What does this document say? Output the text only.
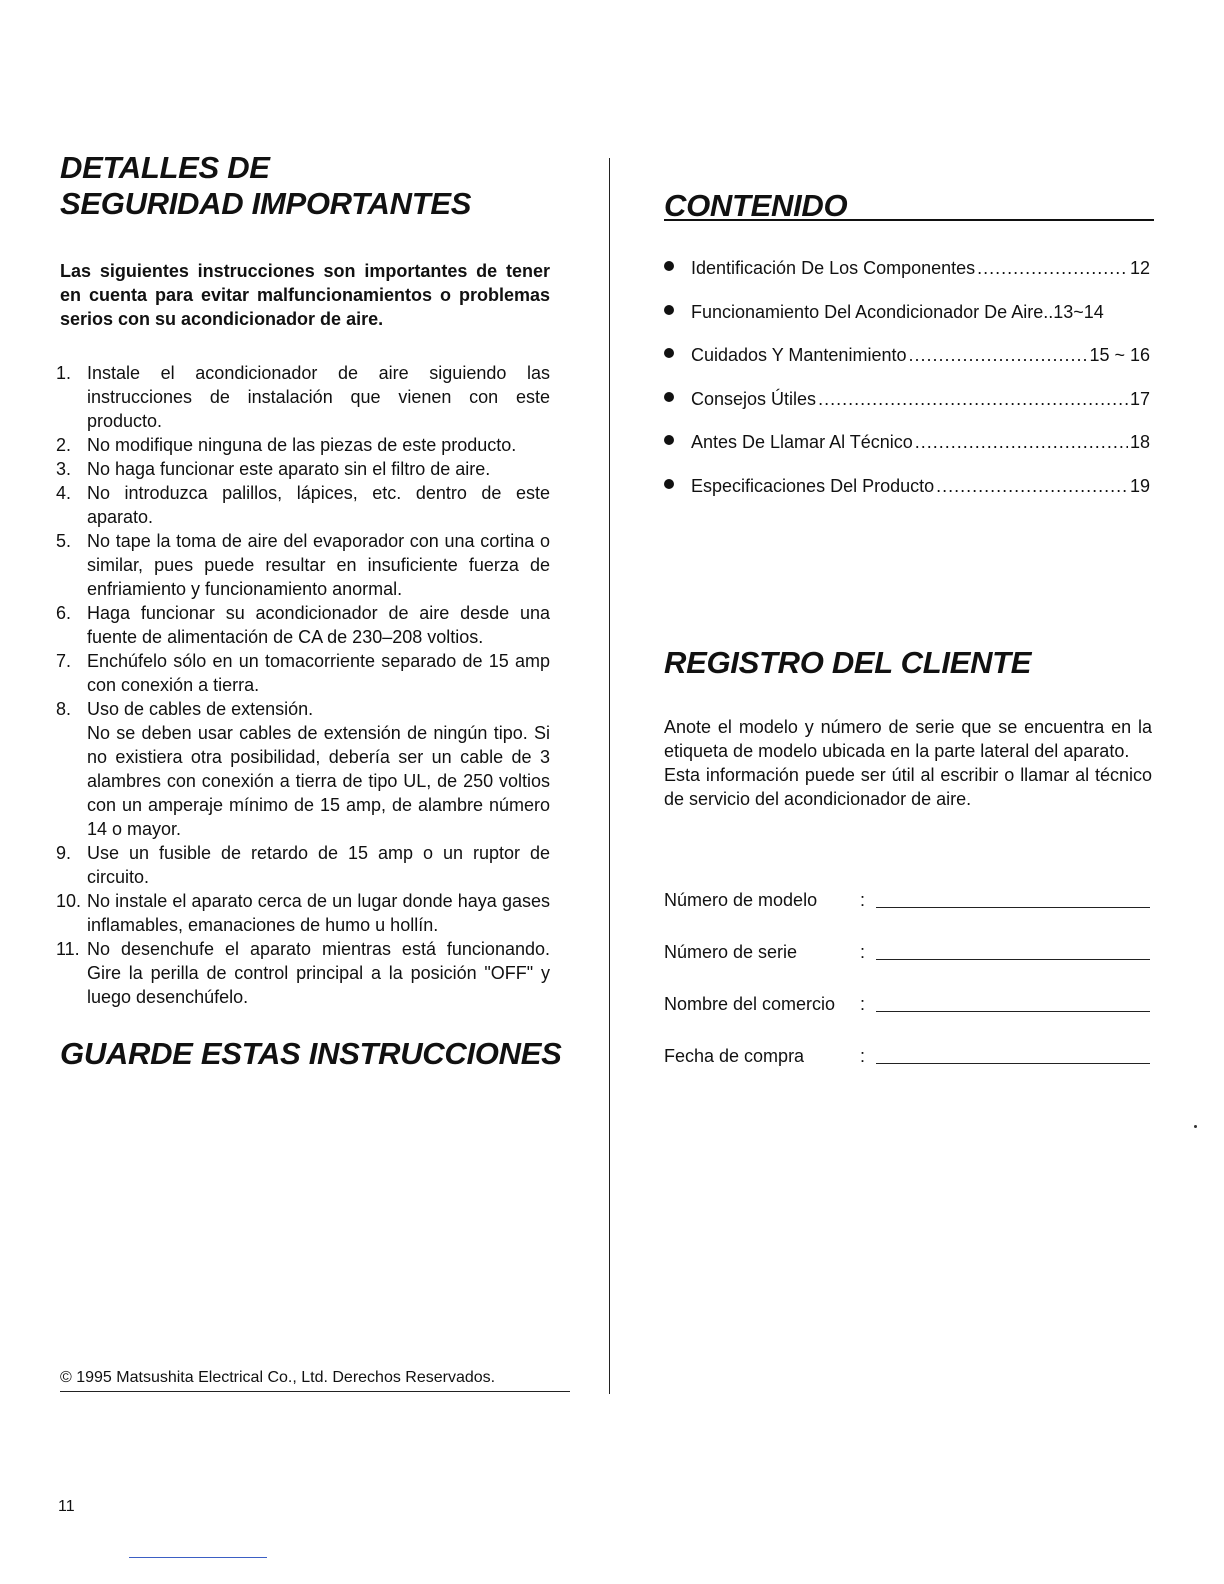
DETALLES DE
SEGURIDAD IMPORTANTES
Las siguientes instrucciones son importantes de tener en cuenta para evitar malfuncionamientos o problemas serios con su acondicionador de aire.
1. Instale el acondicionador de aire siguiendo las instrucciones de instalación que vienen con este producto.
2. No modifique ninguna de las piezas de este producto.
3. No haga funcionar este aparato sin el filtro de aire.
4. No introduzca palillos, lápices, etc. dentro de este aparato.
5. No tape la toma de aire del evaporador con una cortina o similar, pues puede resultar en insuficiente fuerza de enfriamiento y funcionamiento anormal.
6. Haga funcionar su acondicionador de aire desde una fuente de alimentación de CA de 230–208 voltios.
7. Enchúfelo sólo en un tomacorriente separado de 15 amp con conexión a tierra.
8. Uso de cables de extensión.
No se deben usar cables de extensión de ningún tipo. Si no existiera otra posibilidad, debería ser un cable de 3 alambres con conexión a tierra de tipo UL, de 250 voltios con un amperaje mínimo de 15 amp, de alambre número 14 o mayor.
9. Use un fusible de retardo de 15 amp o un ruptor de circuito.
10. No instale el aparato cerca de un lugar donde haya gases inflamables, emanaciones de humo u hollín.
11. No desenchufe el aparato mientras está funcionando. Gire la perilla de control principal a la posición "OFF" y luego desenchúfelo.
GUARDE ESTAS INSTRUCCIONES
© 1995 Matsushita Electrical Co., Ltd. Derechos Reservados.
11
CONTENIDO
Identificación De Los Componentes .....	12
Funcionamiento Del Acondicionador De Aire.. 13~14
Cuidados Y Mantenimiento .....	15 ~ 16
Consejos Útiles .....	17
Antes De Llamar Al Técnico .....	18
Especificaciones Del Producto .....	19
REGISTRO DEL CLIENTE

Anote el modelo y número de serie que se encuentra en la etiqueta de modelo ubicada en la parte lateral del aparato.

Esta información puede ser útil al escribir o llamar al técnico de servicio del acondicionador de aire.

Número de modelo :
Número de serie	:
Nombre del comercio :
Fecha de compra	:
